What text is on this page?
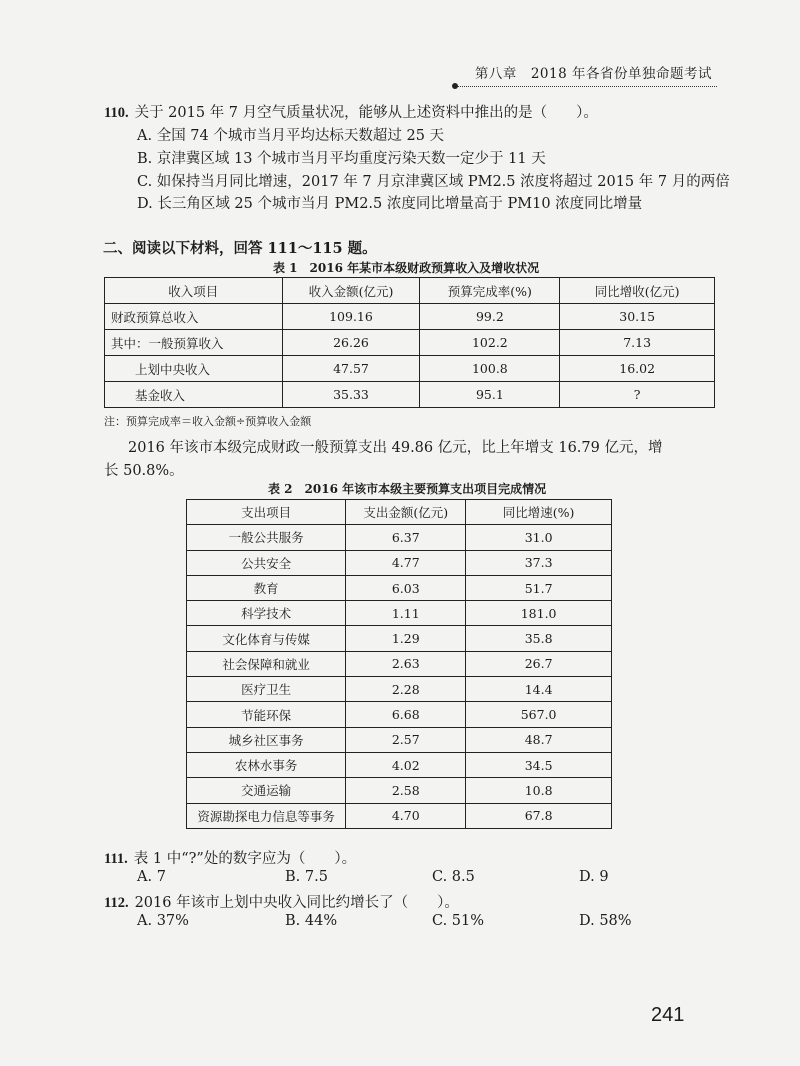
第八章　2018 年各省份单独命题考试
110. 关于 2015 年 7 月空气质量状况，能够从上述资料中推出的是（　　）。
A. 全国 74 个城市当月平均达标天数超过 25 天
B. 京津冀区域 13 个城市当月平均重度污染天数一定少于 11 天
C. 如保持当月同比增速，2017 年 7 月京津冀区域 PM2.5 浓度将超过 2015 年 7 月的两倍
D. 长三角区域 25 个城市当月 PM2.5 浓度同比增量高于 PM10 浓度同比增量
二、阅读以下材料，回答 111～115 题。
表 1　2016 年某市本级财政预算收入及增收状况
收入项目	收入金额(亿元)	预算完成率(%)	同比增收(亿元)
财政预算总收入	109.16	99.2	30.15
其中：一般预算收入	26.26	102.2	7.13
上划中央收入	47.57	100.8	16.02
基金收入	35.33	95.1	?
注：预算完成率＝收入金额÷预算收入金额
2016 年该市本级完成财政一般预算支出 49.86 亿元，比上年增支 16.79 亿元，增
长 50.8%。
表 2　2016 年该市本级主要预算支出项目完成情况
支出项目	支出金额(亿元)	同比增速(%)
一般公共服务	6.37	31.0
公共安全	4.77	37.3
教育	6.03	51.7
科学技术	1.11	181.0
文化体育与传媒	1.29	35.8
社会保障和就业	2.63	26.7
医疗卫生	2.28	14.4
节能环保	6.68	567.0
城乡社区事务	2.57	48.7
农林水事务	4.02	34.5
交通运输	2.58	10.8
资源勘探电力信息等事务	4.70	67.8
111. 表 1 中“?”处的数字应为（　　）。
A. 7	B. 7.5	C. 8.5	D. 9
112. 2016 年该市上划中央收入同比约增长了（　　）。
A. 37%	B. 44%	C. 51%	D. 58%
241
